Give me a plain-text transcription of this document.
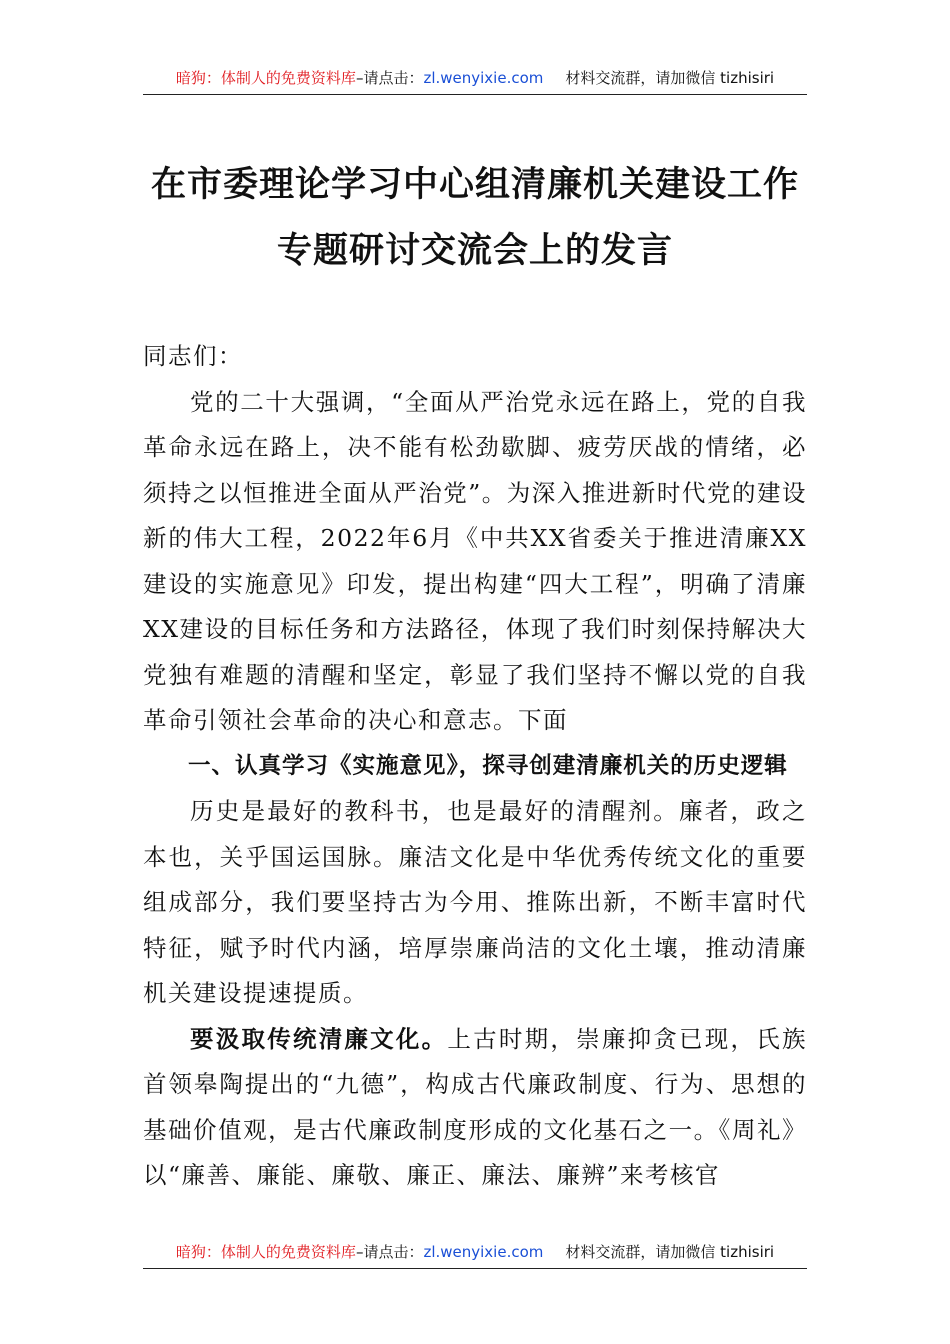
暗狗：体制人的免费资料库–请点击：zl.wenyixie.com 材料交流群，请加微信 tizhisiri
在市委理论学习中心组清廉机关建设工作
专题研讨交流会上的发言

同志们：

党的二十大强调，“全面从严治党永远在路上，党的自我革命永远在路上，决不能有松劲歇脚、疲劳厌战的情绪，必须持之以恒推进全面从严治党”。为深入推进新时代党的建设新的伟大工程，2022年6月《中共XX省委关于推进清廉XX建设的实施意见》印发，提出构建“四大工程”，明确了清廉XX建设的目标任务和方法路径，体现了我们时刻保持解决大党独有难题的清醒和坚定，彰显了我们坚持不懈以党的自我革命引领社会革命的决心和意志。下面

一、认真学习《实施意见》，探寻创建清廉机关的历史逻辑

历史是最好的教科书，也是最好的清醒剂。廉者，政之本也，关乎国运国脉。廉洁文化是中华优秀传统文化的重要组成部分，我们要坚持古为今用、推陈出新，不断丰富时代特征，赋予时代内涵，培厚崇廉尚洁的文化土壤，推动清廉机关建设提速提质。

要汲取传统清廉文化。上古时期，崇廉抑贪已现，氏族首领皋陶提出的“九德”，构成古代廉政制度、行为、思想的基础价值观，是古代廉政制度形成的文化基石之一。《周礼》以“廉善、廉能、廉敬、廉正、廉法、廉辨”来考核官

暗狗：体制人的免费资料库–请点击：zl.wenyixie.com 材料交流群，请加微信 tizhisiri
